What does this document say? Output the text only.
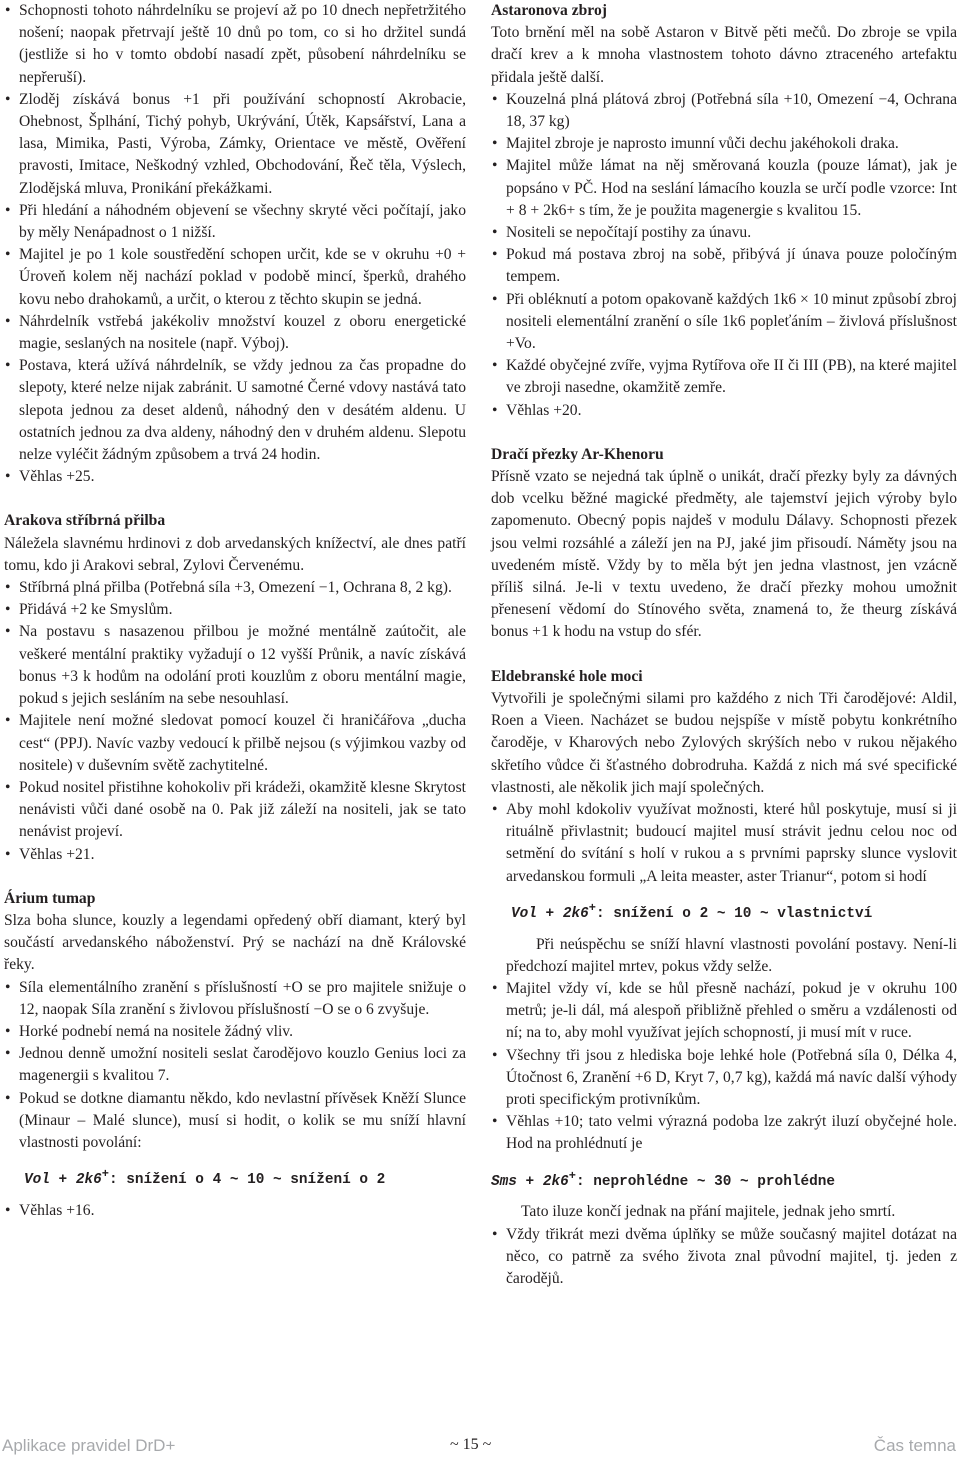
• Schopnosti tohoto náhrdelníku se projeví až po 10 dnech nepřetržitého nošení; naopak přetrvají ještě 10 dnů po tom, co si ho držitel sundá (jestliže si ho v tomto období nasadí zpět, působení náhrdelníku se nepřeruší).
• Zloděj získává bonus +1 při používání schopností Akrobacie, Ohebnost, Šplhání, Tichý pohyb, Ukrývání, Útěk, Kapsářství, Lana a lasa, Mimika, Pasti, Výroba, Zámky, Orientace ve městě, Ověření pravosti, Imitace, Neškodný vzhled, Obchodování, Řeč těla, Výslech, Zlodějská mluva, Pronikání překážkami.
• Při hledání a náhodném objevení se všechny skryté věci počítají, jako by měly Nenápadnost o 1 nižší.
• Majitel je po 1 kole soustředění schopen určit, kde se v okruhu +0 + Úroveň kolem něj nachází poklad v podobě mincí, šperků, drahého kovu nebo drahokamů, a určit, o kterou z těchto skupin se jedná.
• Náhrdelník vstřebá jakékoliv množství kouzel z oboru energetické magie, seslaných na nositele (např. Výboj).
• Postava, která užívá náhrdelník, se vždy jednou za čas propadne do slepoty, které nelze nijak zabránit. U samotné Černé vdovy nastává tato slepota jednou za deset aldenů, náhodný den v desátém aldenu. U ostatních jednou za dva aldeny, náhodný den v druhém aldenu. Slepotu nelze vyléčit žádným způsobem a trvá 24 hodin.
• Věhlas +25.
Arakova stříbrná přilba

Náležela slavnému hrdinovi z dob arvedanských knížectví, ale dnes patří tomu, kdo ji Arakovi sebral, Zylovi Červenému.

• Stříbrná plná přilba (Potřebná síla +3, Omezení −1, Ochrana 8, 2 kg).
• Přidává +2 ke Smyslům.
• Na postavu s nasazenou přilbou je možné mentálně zaútočit, ale veškeré mentální praktiky vyžadují o 12 vyšší Průnik, a navíc získává bonus +3 k hodům na odolání proti kouzlům z oboru mentální magie, pokud s jejich sesláním na sebe nesouhlasí.
• Majitele není možné sledovat pomocí kouzel či hraničářova „ducha cest“ (PPJ). Navíc vazby vedoucí k přilbě nejsou (s výjimkou vazby od nositele) v duševním světě zachytitelné.
• Pokud nositel přistihne kohokoliv při krádeži, okamžitě klesne Skrytost nenávisti vůči dané osobě na 0. Pak již záleží na nositeli, jak se tato nenávist projeví.
• Věhlas +21.
Árium tumap

Slza boha slunce, kouzly a legendami opředený obří diamant, který byl součástí arvedanského náboženství. Prý se nachází na dně Královské řeky.

• Síla elementálního zranění s příslušností +O se pro majitele snižuje o 12, naopak Síla zranění s živlovou příslušností −O se o 6 zvyšuje.
• Horké podnebí nemá na nositele žádný vliv.
• Jednou denně umožní nositeli seslat čarodějovo kouzlo Genius loci za magenergii s kvalitou 7.
• Pokud se dotkne diamantu někdo, kdo nevlastní přívěsek Kněží Slunce (Minaur – Malé slunce), musí si hodit, o kolik se mu sníží hlavní vlastnosti povolání:
Vol + 2k6+: snížení o 4 ~ 10 ~ snížení o 2
• Věhlas +16.
Astaronova zbroj

Toto brnění měl na sobě Astaron v Bitvě pěti mečů. Do zbroje se vpila dračí krev a k mnoha vlastnostem tohoto dávno ztraceného artefaktu přidala ještě další.

• Kouzelná plná plátová zbroj (Potřebná síla +10, Omezení −4, Ochrana 18, 37 kg)
• Majitel zbroje je naprosto imunní vůči dechu jakéhokoli draka.
• Majitel může lámat na něj směrovaná kouzla (pouze lámat), jak je popsáno v PČ. Hod na seslání lámacího kouzla se určí podle vzorce: Int + 8 + 2k6+ s tím, že je použita magenergie s kvalitou 15.
• Nositeli se nepočítají postihy za únavu.
• Pokud má postava zbroj na sobě, přibývá jí únava pouze poločíným tempem.
• Při obléknutí a potom opakovaně každých 1k6 × 10 minut způsobí zbroj nositeli elementální zranění o síle 1k6 popleťáním – živlová příslušnost +Vo.
• Každé obyčejné zvíře, vyjma Rytířova oře II či III (PB), na které majitel ve zbroji nasedne, okamžitě zemře.
• Věhlas +20.
Dračí přezky Ar-Khenoru

Přísně vzato se nejedná tak úplně o unikát, dračí přezky byly za dávných dob vcelku běžné magické předměty, ale tajemství jejich výroby bylo zapomenuto. Obecný popis najdeš v modulu Dálavy. Schopnosti přezek jsou velmi rozsáhlé a záleží jen na PJ, jaké jim přisoudí. Náměty jsou na uvedeném místě. Vždy by to měla být jen jedna vlastnost, jen vzácně příliš silná. Je-li v textu uvedeno, že dračí přezky mohou umožnit přenesení vědomí do Stínového světa, znamená to, že theurg získává bonus +1 k hodu na vstup do sfér.

Eldebranské hole moci

Vytvořili je společnými silami pro každého z nich Tři čarodějové: Aldil, Roen a Vieen. Nacházet se budou nejspíše v místě pobytu konkrétního čaroděje, v Kharových nebo Zylových skrýších nebo v rukou nějakého skřetího vůdce či šťastného dobrodruha. Každá z nich má své specifické vlastnosti, ale několik jich mají společných.

• Aby mohl kdokoliv využívat možnosti, které hůl poskytuje, musí si ji rituálně přivlastnit; budoucí majitel musí strávit jednu celou noc od setmění do svítání s holí v rukou a s prvními paprsky slunce vyslovit arvedanskou formuli „A leita measter, aster Trianur“, potom si hodí
Vol + 2k6+: snížení o 2 ~ 10 ~ vlastnictví

Při neúspěchu se sníží hlavní vlastnosti povolání postavy. Není-li předchozí majitel mrtev, pokus vždy selže.

• Majitel vždy ví, kde se hůl přesně nachází, pokud je v okruhu 100 metrů; je-li dál, má alespoň přibližně přehled o směru a vzdálenosti od ní; na to, aby mohl využívat jejích schopností, ji musí mít v ruce.
• Všechny tři jsou z hlediska boje lehké hole (Potřebná síla 0, Délka 4, Útočnost 6, Zranění +6 D, Kryt 7, 0,7 kg), každá má navíc další výhody proti specifickým protivníkům.
• Věhlas +10; tato velmi výrazná podoba lze zakrýt iluzí obyčejné hole. Hod na prohlédnutí je
Sms + 2k6+: neprohlédne ~ 30 ~ prohlédne

Tato iluze končí jednak na přání majitele, jednak jeho smrtí.

• Vždy třikrát mezi dvěma úplňky se může současný majitel dotázat na něco, co patrně za svého života znal původní majitel, tj. jeden z čarodějů.
Aplikace pravidel DrD+	~ 15 ~	Čas temna
